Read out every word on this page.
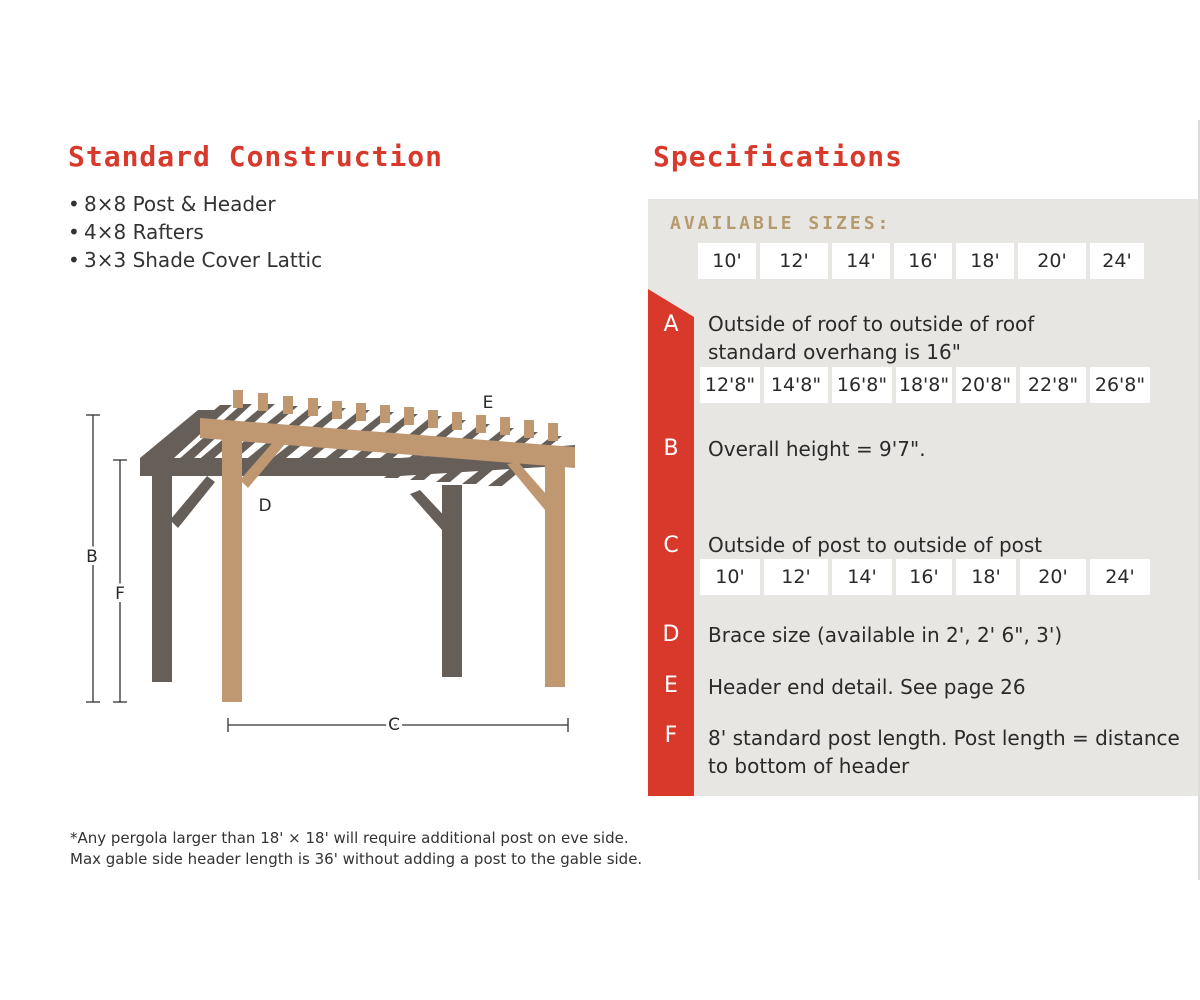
Standard Construction
• 8×8 Post & Header
• 4×8 Rafters
• 3×3 Shade Cover Lattic
E
D
B
F
C
*Any pergola larger than 18' × 18' will require additional post on eve side.
Max gable side header length is 36' without adding a post to the gable side.
Specifications
AVAILABLE SIZES:
10'	12'	14'	16'	18'	20'	24'
A	Outside of roof to outside of roof
standard overhang is 16"
12'8" 14'8" 16'8" 18'8" 20'8" 22'8" 26'8"
B	Overall height = 9'7".
C	Outside of post to outside of post
10'	12'	14'	16'	18'	20'	24'
D	Brace size (available in 2', 2' 6", 3')
E	Header end detail. See page 26
F	8' standard post length. Post length = distance
to bottom of header
